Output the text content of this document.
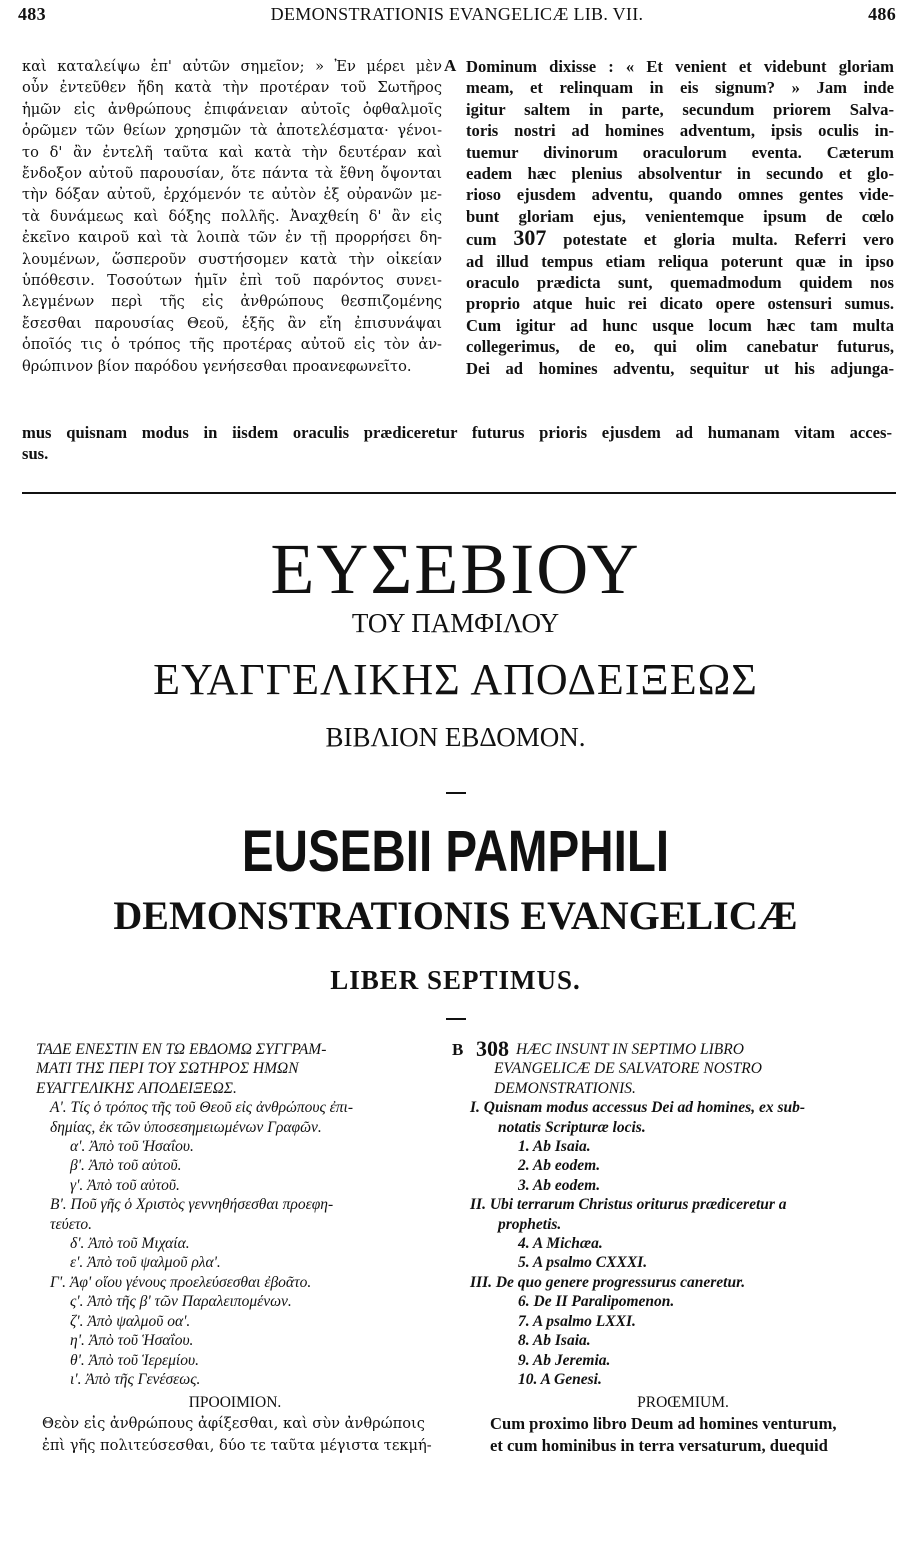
483	DEMONSTRATIONIS EVANGELICÆ LIB. VII.	486
καὶ καταλείψω ἐπ' αὐτῶν σημεῖον; » Ἐν μέρει μὲν
οὖν ἐντεῦθεν ἤδη κατὰ τὴν προτέραν τοῦ Σωτῆρος
ἡμῶν εἰς ἀνθρώπους ἐπιφάνειαν αὐτοῖς ὀφθαλμοῖς
ὁρῶμεν τῶν θείων χρησμῶν τὰ ἀποτελέσματα· γένοι-
το δ' ἂν ἐντελῆ ταῦτα καὶ κατὰ τὴν δευτέραν καὶ
ἔνδοξον αὐτοῦ παρουσίαν, ὅτε πάντα τὰ ἔθνη ὄψονται
τὴν δόξαν αὐτοῦ, ἐρχόμενόν τε αὐτὸν ἐξ οὐρανῶν με-
τὰ δυνάμεως καὶ δόξης πολλῆς. Ἀναχθείη δ' ἂν εἰς
ἐκεῖνο καιροῦ καὶ τὰ λοιπὰ τῶν ἐν τῇ προρρήσει δη-
λουμένων, ὥσπεροῦν συστήσομεν κατὰ τὴν οἰκείαν
ὑπόθεσιν. Τοσούτων ἡμῖν ἐπὶ τοῦ παρόντος συνει-
λεγμένων περὶ τῆς εἰς ἀνθρώπους θεσπιζομένης
ἔσεσθαι παρουσίας Θεοῦ, ἑξῆς ἂν εἴη ἐπισυνάψαι
ὁποῖός τις ὁ τρόπος τῆς προτέρας αὐτοῦ εἰς τὸν ἀν-
θρώπινον βίον παρόδου γενήσεσθαι προανεφωνεῖτο.
A Dominum dixisse : « Et venient et videbunt gloriam
meam, et relinquam in eis signum? » Jam inde
igitur saltem in parte, secundum priorem Salva-
toris nostri ad homines adventum, ipsis oculis in-
tuemur divinorum oraculorum eventa. Cæterum
eadem hæc plenius absolventur in secundo et glo-
rioso ejusdem adventu, quando omnes gentes vide-
bunt gloriam ejus, venientemque ipsum de cœlo
cum 307 potestate et gloria multa. Referri vero
ad illud tempus etiam reliqua poterunt quæ in ipso
oraculo prædicta sunt, quemadmodum quidem nos
proprio atque huic rei dicato opere ostensuri sumus.
Cum igitur ad hunc usque locum hæc tam multa
collegerimus, de eo, qui olim canebatur futurus,
Dei ad homines adventu, sequitur ut his adjunga-
mus quisnam modus in iisdem oraculis prædiceretur futurus prioris ejusdem ad humanam vitam acces-
sus.
ΕΥΣΕΒΙΟΥ
ΤΟΥ ΠΑΜΦΙΛΟΥ
ΕΥΑΓΓΕΛΙΚΗΣ ΑΠΟΔΕΙΞΕΩΣ
ΒΙΒΛΙΟΝ ΕΒΔΟΜΟΝ.
EUSEBII PAMPHILI
DEMONSTRATIONIS EVANGELICÆ
LIBER SEPTIMUS.
ΤΑΔΕ ΕΝΕΣΤΙΝ ΕΝ ΤΩ ΕΒΔΟΜΩ ΣΥΓΓΡΑΜ-
ΜΑΤΙ ΤΗΣ ΠΕΡΙ ΤΟΥ ΣΩΤΗΡΟΣ ΗΜΩΝ
ΕΥΑΓΓΕΛΙΚΗΣ ΑΠΟΔΕΙΞΕΩΣ.
Α'. Τίς ὁ τρόπος τῆς τοῦ Θεοῦ εἰς ἀνθρώπους ἐπι-
δημίας, ἐκ τῶν ὑποσεσημειωμένων Γραφῶν.
α'. Ἀπὸ τοῦ Ἡσαΐου.
β'. Ἀπὸ τοῦ αὐτοῦ.
γ'. Ἀπὸ τοῦ αὐτοῦ.
Β'. Ποῦ γῆς ὁ Χριστὸς γεννηθήσεσθαι προεφη-
τεύετο.
δ'. Ἀπὸ τοῦ Μιχαία.
ε'. Ἀπὸ τοῦ ψαλμοῦ ρλα'.
Γ'. Ἀφ' οἵου γένους προελεύσεσθαι ἐβοᾶτο.
ς'. Ἀπὸ τῆς β' τῶν Παραλειπομένων.
ζ'. Ἀπὸ ψαλμοῦ οα'.
η'. Ἀπὸ τοῦ Ἡσαΐου.
θ'. Ἀπὸ τοῦ Ἱερεμίου.
ι'. Ἀπὸ τῆς Γενέσεως.
ΠΡΟΟΙΜΙΟΝ.
Θεὸν εἰς ἀνθρώπους ἀφίξεσθαι, καὶ σὺν ἀνθρώποις
ἐπὶ γῆς πολιτεύσεσθαι, δύο τε ταῦτα μέγιστα τεκμή-
B 308 HÆC INSUNT IN SEPTIMO LIBRO
EVANGELICÆ DE SALVATORE NOSTRO
DEMONSTRATIONIS.
I. Quisnam modus accessus Dei ad homines, ex sub-
notatis Scripturæ locis.
1. Ab Isaia.
2. Ab eodem.
3. Ab eodem.
II. Ubi terrarum Christus oriturus prædiceretur a
prophetis.
4. A Michæa.
5. A psalmo CXXXI.
III. De quo genere progressurus caneretur.
6. De II Paralipomenon.
7. A psalmo LXXI.
8. Ab Isaia.
9. Ab Jeremia.
10. A Genesi.
PROŒMIUM.
Cum proximo libro Deum ad homines venturum,
et cum hominibus in terra versaturum, duequid
